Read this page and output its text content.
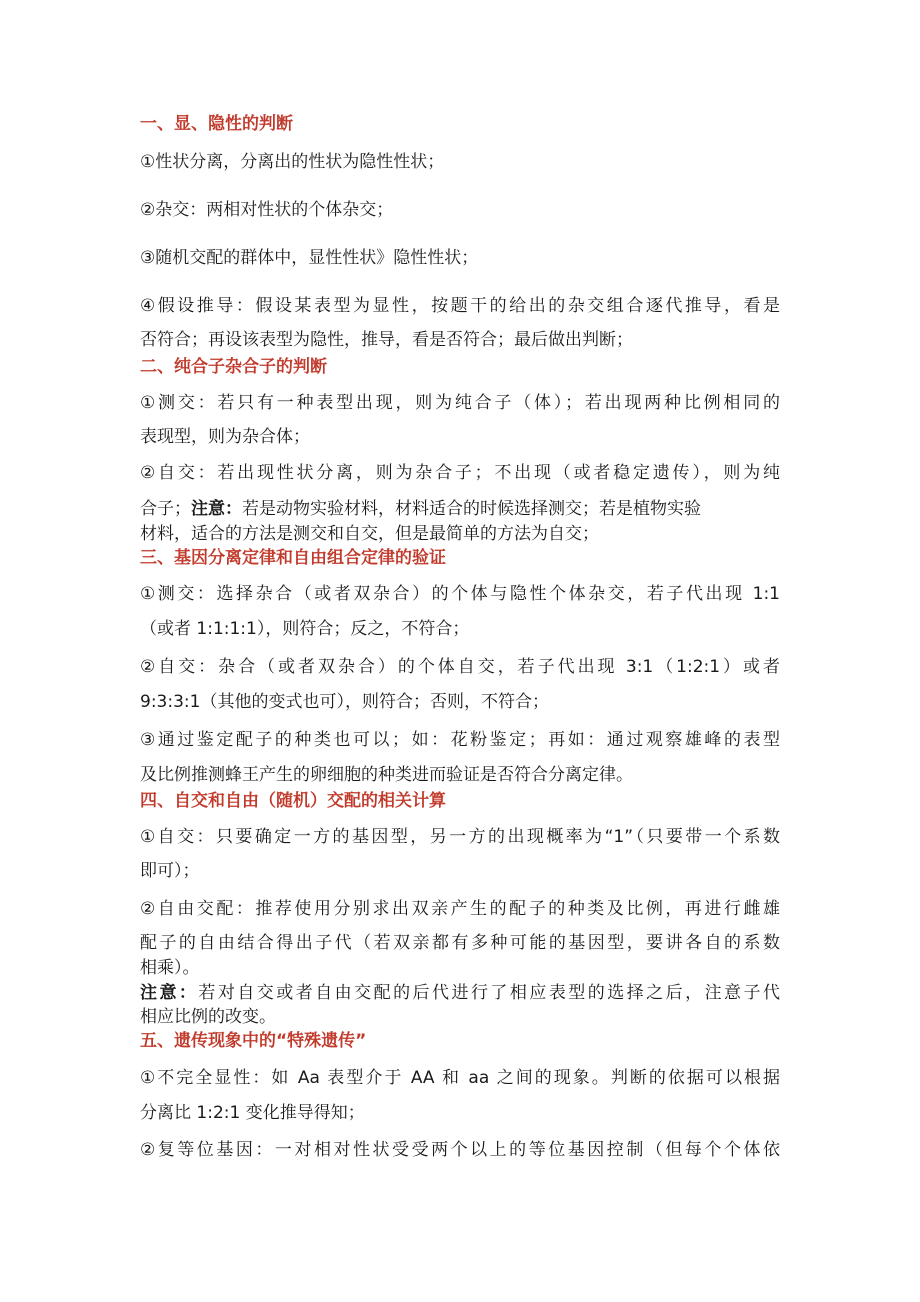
一、显、隐性的判断
①性状分离，分离出的性状为隐性性状；
②杂交：两相对性状的个体杂交；
③随机交配的群体中，显性性状》隐性性状；
④假设推导：假设某表型为显性，按题干的给出的杂交组合逐代推导，看是
否符合；再设该表型为隐性，推导，看是否符合；最后做出判断；
二、纯合子杂合子的判断
①测交：若只有一种表型出现，则为纯合子（体）；若出现两种比例相同的
表现型，则为杂合体；
②自交：若出现性状分离，则为杂合子；不出现（或者稳定遗传），则为纯
合子；注意：若是动物实验材料，材料适合的时候选择测交；若是植物实验
材料，适合的方法是测交和自交，但是最简单的方法为自交；
三、基因分离定律和自由组合定律的验证
①测交：选择杂合（或者双杂合）的个体与隐性个体杂交，若子代出现 1:1
（或者 1:1:1:1），则符合；反之，不符合；
②自交：杂合（或者双杂合）的个体自交，若子代出现 3:1（1:2:1）或者
9:3:3:1（其他的变式也可），则符合；否则，不符合；
③通过鉴定配子的种类也可以；如：花粉鉴定；再如：通过观察雄峰的表型
及比例推测蜂王产生的卵细胞的种类进而验证是否符合分离定律。
四、自交和自由（随机）交配的相关计算
①自交：只要确定一方的基因型，另一方的出现概率为“1”（只要带一个系数
即可）；
②自由交配：推荐使用分别求出双亲产生的配子的种类及比例，再进行雌雄
配子的自由结合得出子代（若双亲都有多种可能的基因型，要讲各自的系数
相乘）。
注意：若对自交或者自由交配的后代进行了相应表型的选择之后，注意子代
相应比例的改变。
五、遗传现象中的“特殊遗传”
①不完全显性：如 Aa 表型介于 AA 和 aa 之间的现象。判断的依据可以根据
分离比 1:2:1 变化推导得知；
②复等位基因：一对相对性状受受两个以上的等位基因控制（但每个个体依
